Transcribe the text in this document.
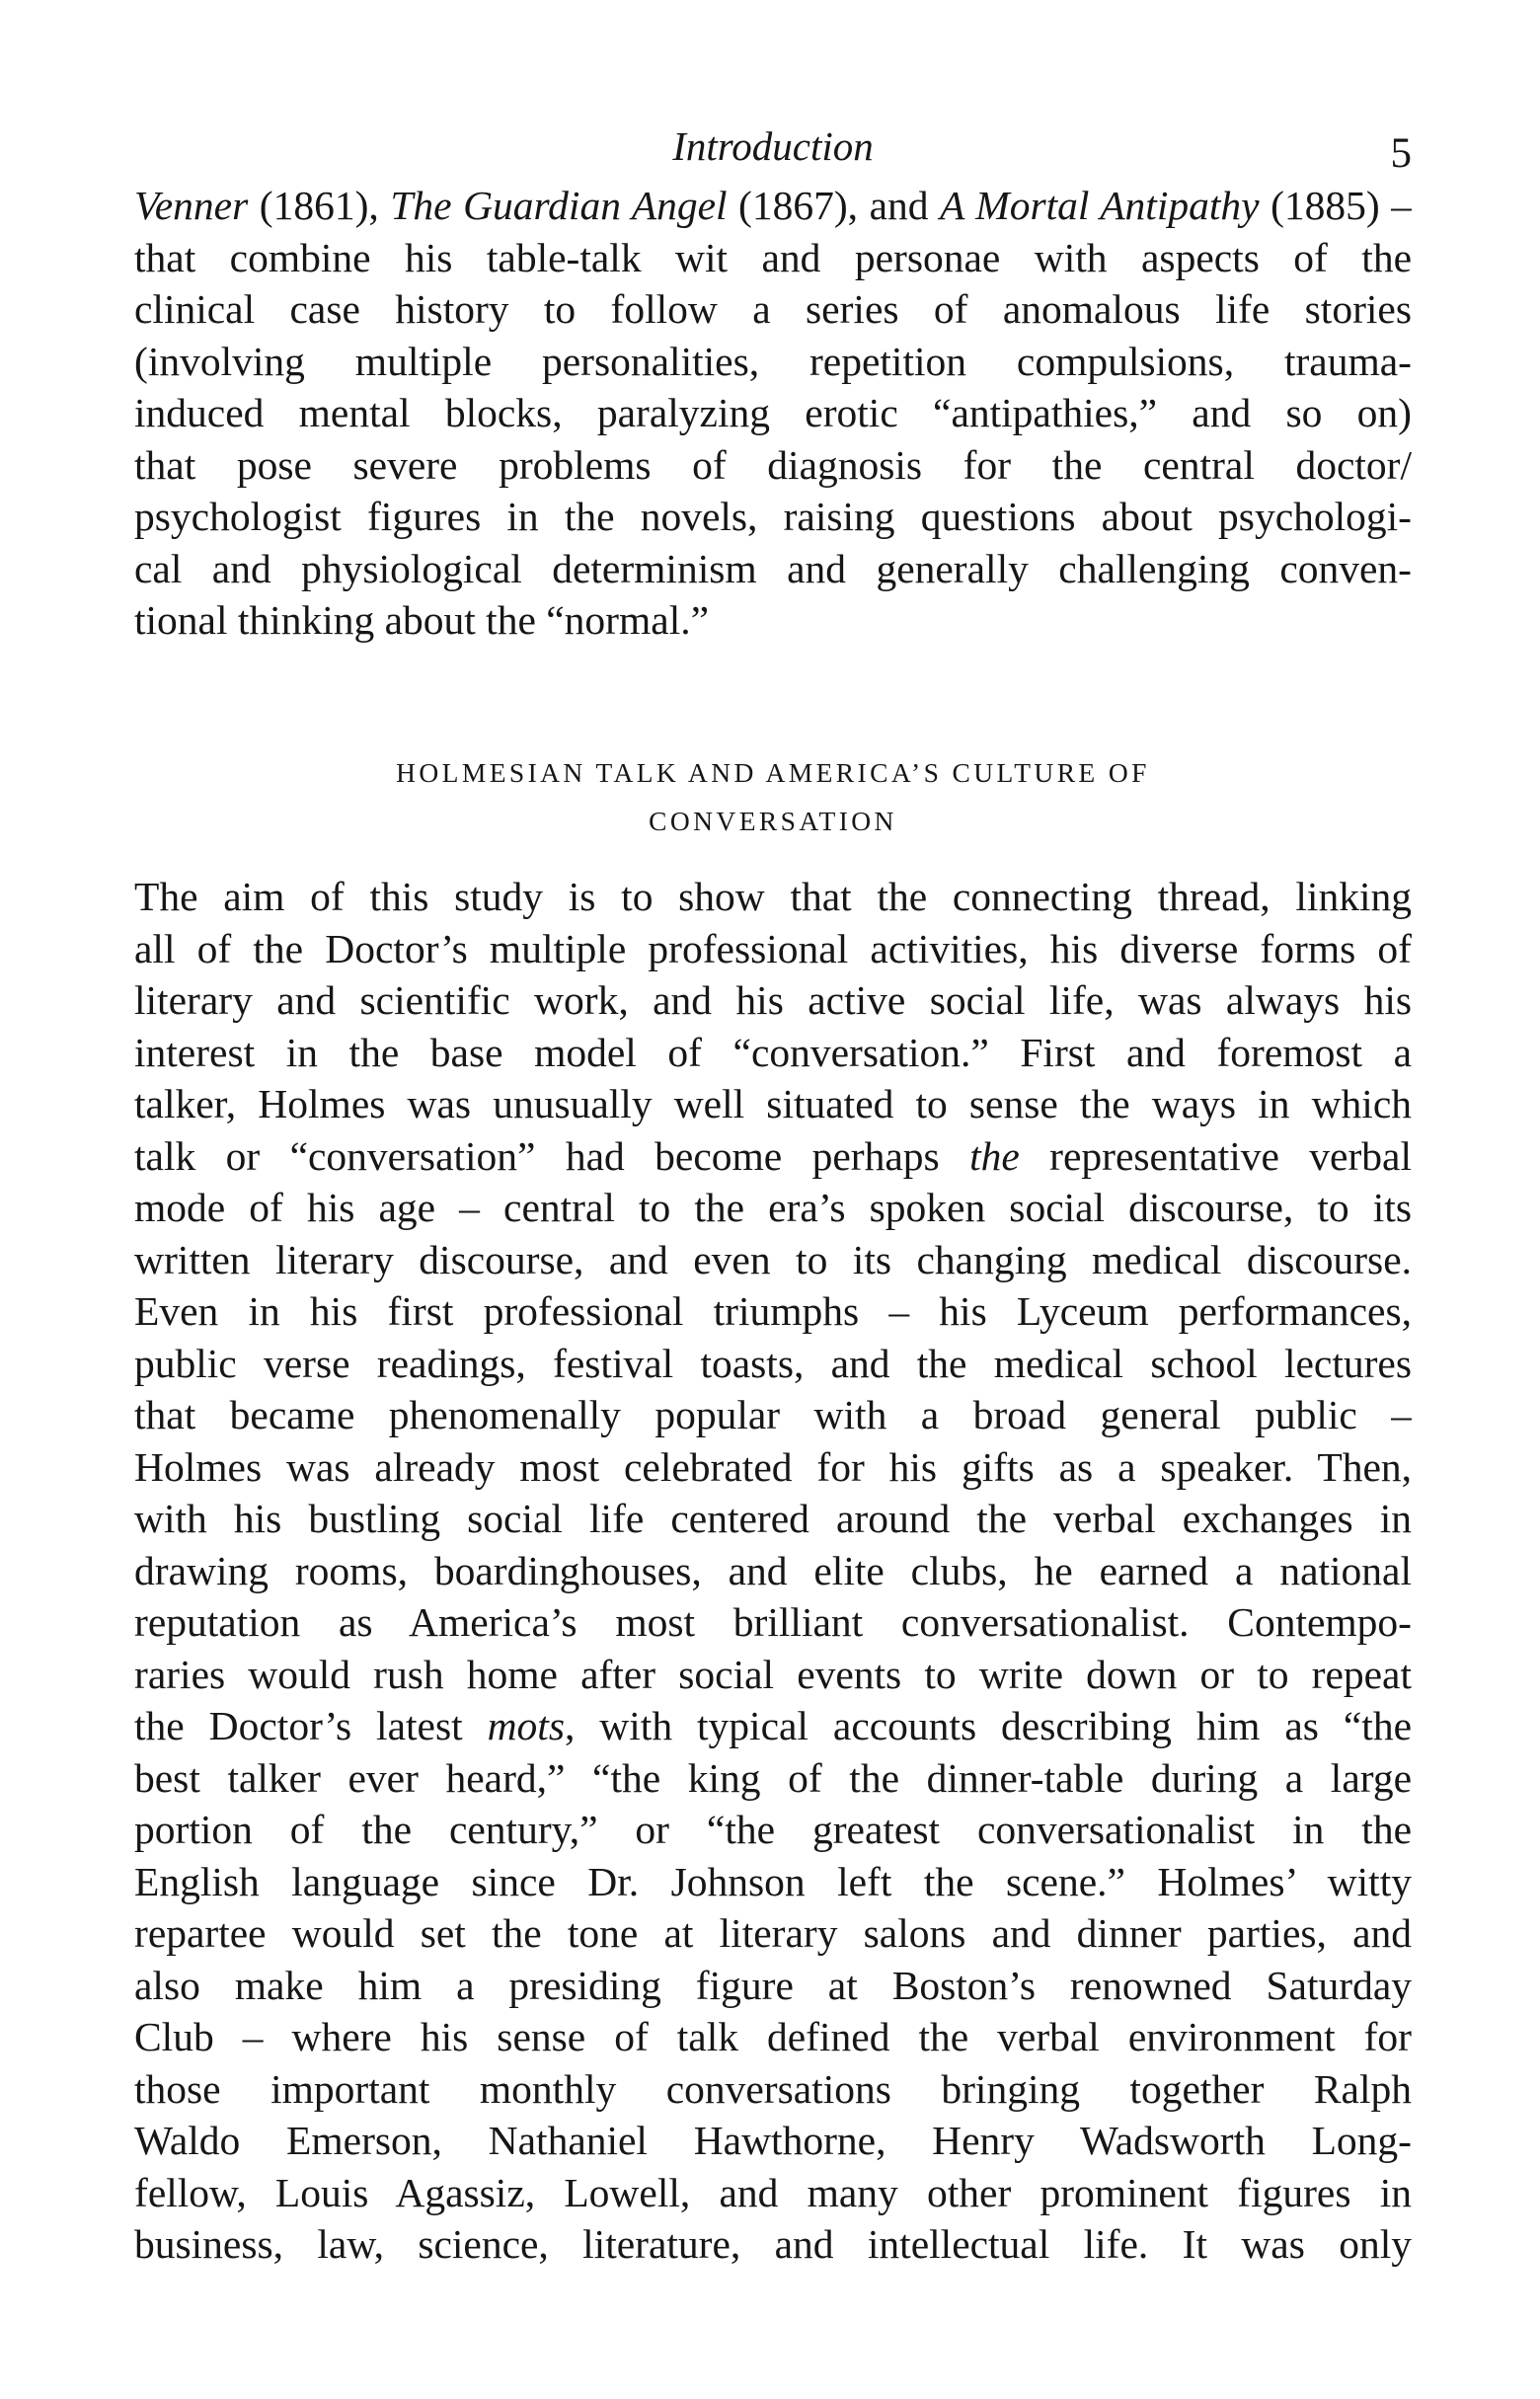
Introduction	5
Venner (1861), The Guardian Angel (1867), and A Mortal Antipathy (1885) –
that combine his table-talk wit and personae with aspects of the
clinical case history to follow a series of anomalous life stories
(involving multiple personalities, repetition compulsions, trauma-
induced mental blocks, paralyzing erotic “antipathies,” and so on)
that pose severe problems of diagnosis for the central doctor/
psychologist figures in the novels, raising questions about psychologi-
cal and physiological determinism and generally challenging conven-
tional thinking about the “normal.”
HOLMESIAN TALK AND AMERICA’S CULTURE OF
CONVERSATION
The aim of this study is to show that the connecting thread, linking
all of the Doctor’s multiple professional activities, his diverse forms of
literary and scientific work, and his active social life, was always his
interest in the base model of “conversation.” First and foremost a
talker, Holmes was unusually well situated to sense the ways in which
talk or “conversation” had become perhaps the representative verbal
mode of his age – central to the era’s spoken social discourse, to its
written literary discourse, and even to its changing medical discourse.
Even in his first professional triumphs – his Lyceum performances,
public verse readings, festival toasts, and the medical school lectures
that became phenomenally popular with a broad general public –
Holmes was already most celebrated for his gifts as a speaker. Then,
with his bustling social life centered around the verbal exchanges in
drawing rooms, boardinghouses, and elite clubs, he earned a national
reputation as America’s most brilliant conversationalist. Contempo-
raries would rush home after social events to write down or to repeat
the Doctor’s latest mots, with typical accounts describing him as “the
best talker ever heard,” “the king of the dinner-table during a large
portion of the century,” or “the greatest conversationalist in the
English language since Dr. Johnson left the scene.” Holmes’ witty
repartee would set the tone at literary salons and dinner parties, and
also make him a presiding figure at Boston’s renowned Saturday
Club – where his sense of talk defined the verbal environment for
those important monthly conversations bringing together Ralph
Waldo Emerson, Nathaniel Hawthorne, Henry Wadsworth Long-
fellow, Louis Agassiz, Lowell, and many other prominent figures in
business, law, science, literature, and intellectual life. It was only
